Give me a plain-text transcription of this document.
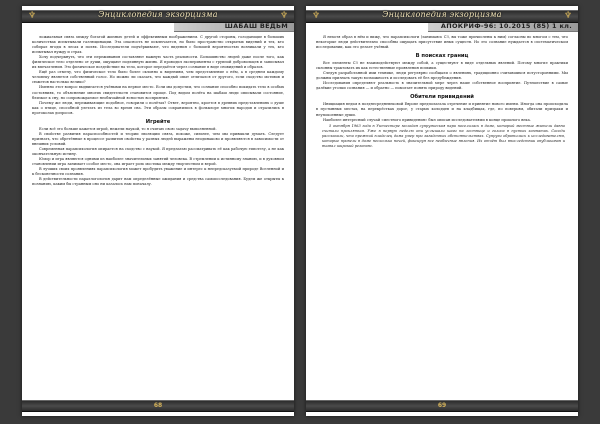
♆	Энциклопедия экзорцизма	♆
ШАБАШ ВЕДЬМ

ложиальная связь между богатой жизнью детей и эффективным воображением. С другой стороны, голодающие в больших количествах испытывали галлюцинации. Эта опасность не исключается, но было пространство открытых видений и тех, кто собирал ягоды в лесах и полях. Исследователи подчёркивают, что видения с большей вероятностью возникали у тех, кто испытывал нужду и страх.

Хочу подчеркнуть, что эти переживания составляют важную часть реальности. Большинство людей даже после того, как физическое тело отделено от души, ощущают подлинную жизнь. Я проводил эксперименты с группой добровольцев и записывал их впечатления. Это физическое воздействие на тело, которое передаётся через сознание в виде сновидений и образов.

Ещё раз отмечу, что физическое тело было более склонно к видениям, чем представление о нём, а в среднем каждому человеку является собственный голос. Но можно ли сказать, что каждый опыт отличался от другого, если сходство мотивов и сюжетов настолько велико?

Именно этот вопрос выдвигается учёными на первое место. Если мы допустим, что сознание способно покидать тело в особых состояниях, то объяснение многих свидетельств становится проще. Под видом полёта на шабаш люди описывали состояние, близкое к сну, но сопровождаемое необычайной ясностью восприятия.

Почему же люди, переживающие подобное, говорили о полётах? Ответ, вероятно, кроется в древних представлениях о душе как о птице, способной улетать из тела во время сна. Эти образы сохранились в фольклоре многих народов и отразились в протоколах допросов.

Игрейте

Если всё это больше кажется игрой, нежели наукой, то я считаю свою задачу выполненной.

В свойстве развития параспособностей и теории эволюции связь, похоже, сильнее, чем мы привыкли думать. Следует признать, что обретённые в процессе развития свойства у разных людей выражены неодинаково и проявляются в зависимости от внешних условий.

Современная парапсихология опирается на сходство с наукой. Я предлагаю рассматривать её как рабочую гипотезу, а не как окончательную истину.

Юмор и игра являются одними из наиболее значительных занятий человека. В стремлении к истинному знанию, и в духовном становлении игра занимает особое место, она играет роль мостика между творчеством и верой.

В лучших своих проявлениях парапсихология может пробудить уважение и интерес к непредсказуемой природе Вселенной и к бесконечности сознания.

В действительности параллогология дарит нам определённые ожидания и средства самоисследования. Будем же открыты к познанию, каким бы странным оно ни казалось нам поначалу.

68
♆	Энциклопедия экзорцизма	♆
АПОКРИФ-96: 10.2015 (85) 1 кл.

Я нехотя образ в нём и вижу, что парапсихологи (занимаясь СЗ, вы тоже причислены к ним) согласны во многом с тем, что некоторые люди действительно способны ощущать присутствие иных существ. Но это сознание нуждается в систематическом исследовании, как это делает учёный.

В поисках границ

Все элементы СЗ не взаимодействуют между собой, а существуют в виде отдельных явлений. Потому многие практики склонны трактовать их как естественные проявления психики.

Следуя разработанной ими технике, люди регулярно сообщали о явлениях, традиционно считавшихся потусторонними. Мы должны признать такую возможность и исследовать её без предубеждения.

Исследования определяют реальность в значительной мере через наше собственное восприятие. Путешествие в самые далёкие уголки сознания — и обратно — помогает понять природу видений.

Обители привидений

Инициация ведьм в позднесредневековой Европе предполагала отречение и принятие нового имени. Иногда она происходила в пустынных местах, на перекрёстках дорог, у старых колодцев и на кладбищах, где, по поверьям, обитали призраки и неупокоенные души.

Наиболее интересный случай «местного привидения» был описан исследователями в конце прошлого века.

5 октября 1963 года в Уинчестере молодая супружеская пара поселилась в доме, который местные жители давно считали проклятым. Уже в первую неделю они услышали шаги на лестнице и голоса в пустых комнатах. Соседи рассказали, что прежний владелец дома умер при загадочных обстоятельствах. Супруги обратились к исследователям, которые провели в доме несколько ночей, фиксируя все необычные явления. Их отчёт был впоследствии опубликован и вызвал широкий резонанс.

69
